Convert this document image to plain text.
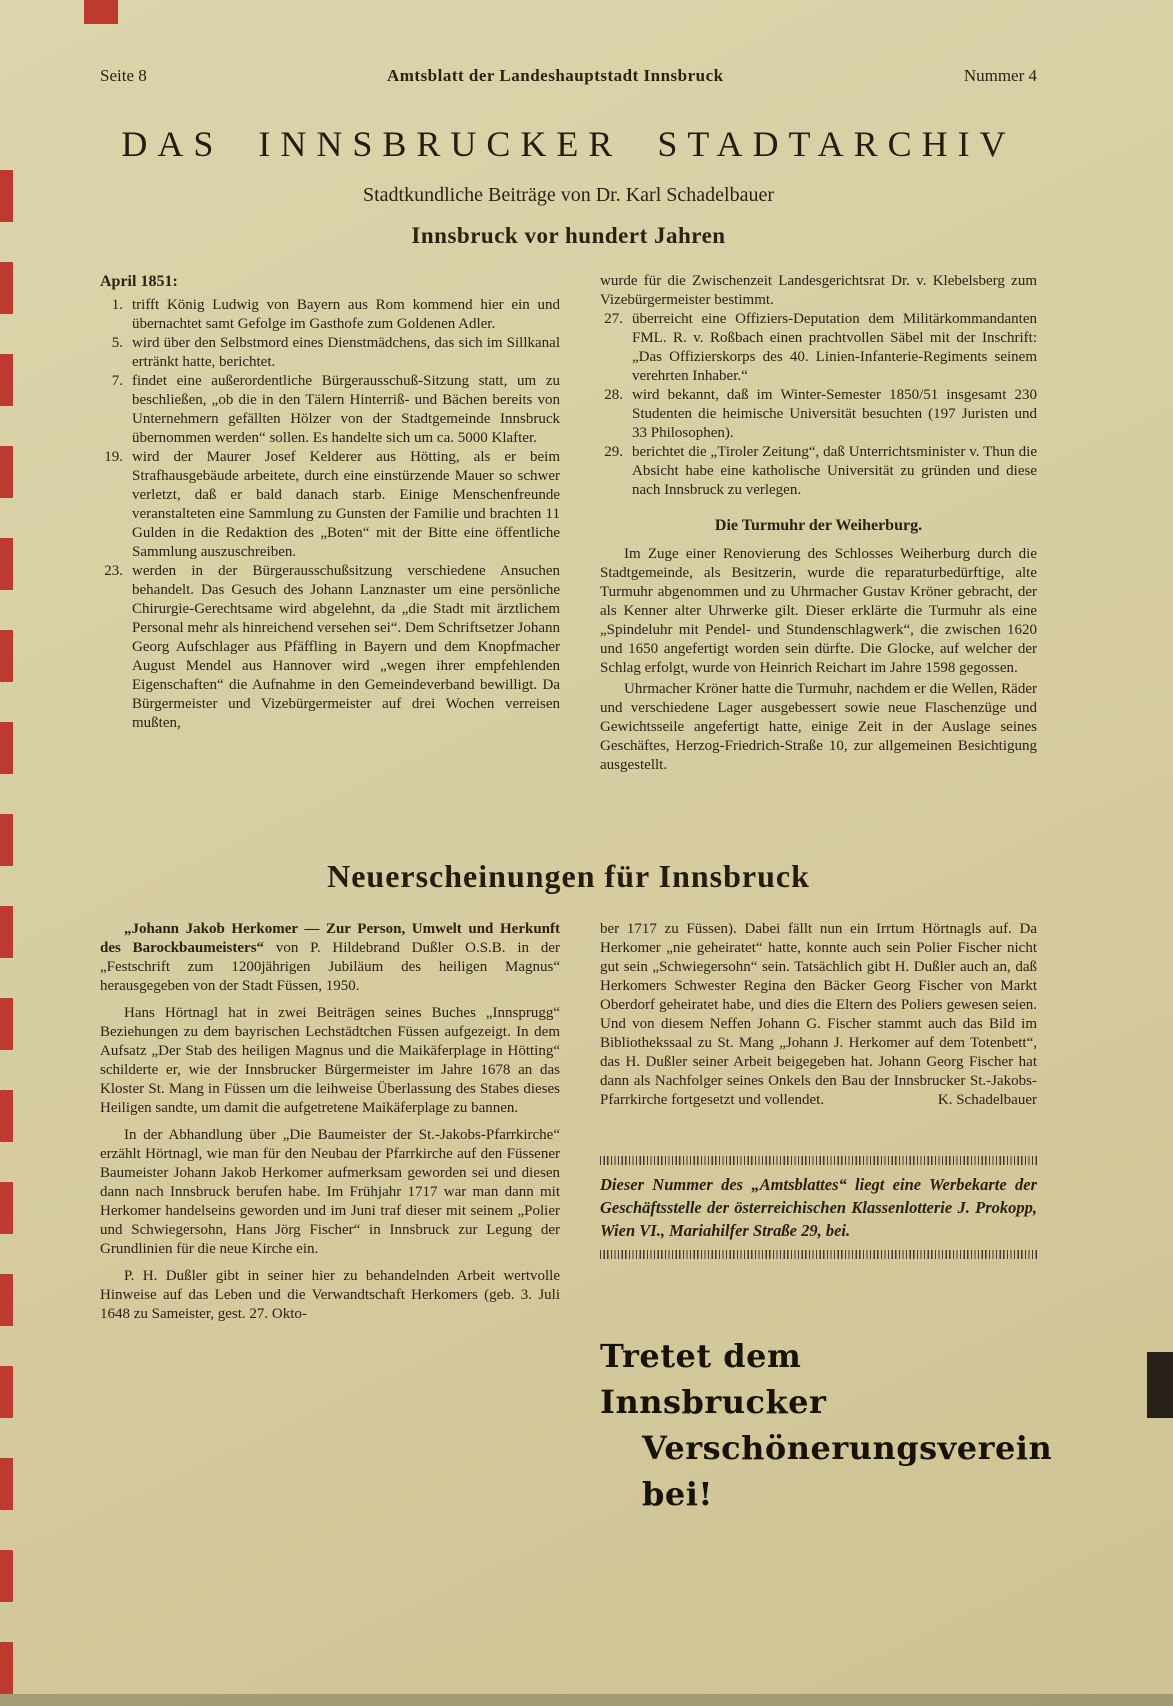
Seite 8	Amtsblatt der Landeshauptstadt Innsbruck	Nummer 4
DAS INNSBRUCKER STADTARCHIV
Stadtkundliche Beiträge von Dr. Karl Schadelbauer
Innsbruck vor hundert Jahren
April 1851:
1. trifft König Ludwig von Bayern aus Rom kommend hier ein und übernachtet samt Gefolge im Gasthofe zum Goldenen Adler.
5. wird über den Selbstmord eines Dienstmädchens, das sich im Sillkanal ertränkt hatte, berichtet.
7. findet eine außerordentliche Bürgerausschuß-Sitzung statt, um zu beschließen, „ob die in den Tälern Hinterriß- und Bächen bereits von Unternehmern gefällten Hölzer von der Stadtgemeinde Innsbruck übernommen werden“ sollen. Es handelte sich um ca. 5000 Klafter.
19. wird der Maurer Josef Kelderer aus Hötting, als er beim Strafhausgebäude arbeitete, durch eine einstürzende Mauer so schwer verletzt, daß er bald danach starb. Einige Menschenfreunde veranstalteten eine Sammlung zu Gunsten der Familie und brachten 11 Gulden in die Redaktion des „Boten“ mit der Bitte eine öffentliche Sammlung auszuschreiben.
23. werden in der Bürgerausschußsitzung verschiedene Ansuchen behandelt. Das Gesuch des Johann Lanznaster um eine persönliche Chirurgie-Gerechtsame wird abgelehnt, da „die Stadt mit ärztlichem Personal mehr als hinreichend versehen sei“. Dem Schriftsetzer Johann Georg Aufschlager aus Pfäffling in Bayern und dem Knopfmacher August Mendel aus Hannover wird „wegen ihrer empfehlenden Eigenschaften“ die Aufnahme in den Gemeindeverband bewilligt. Da Bürgermeister und Vizebürgermeister auf drei Wochen verreisen mußten,

wurde für die Zwischenzeit Landesgerichtsrat Dr. v. Klebelsberg zum Vizebürgermeister bestimmt.

27. überreicht eine Offiziers-Deputation dem Militärkommandanten FML. R. v. Roßbach einen prachtvollen Säbel mit der Inschrift: „Das Offizierskorps des 40. Linien-Infanterie-Regiments seinem verehrten Inhaber.“
28. wird bekannt, daß im Winter-Semester 1850/51 insgesamt 230 Studenten die heimische Universität besuchten (197 Juristen und 33 Philosophen).
29. berichtet die „Tiroler Zeitung“, daß Unterrichtsminister v. Thun die Absicht habe eine katholische Universität zu gründen und diese nach Innsbruck zu verlegen.
Die Turmuhr der Weiherburg.

Im Zuge einer Renovierung des Schlosses Weiherburg durch die Stadtgemeinde, als Besitzerin, wurde die reparaturbedürftige, alte Turmuhr abgenommen und zu Uhrmacher Gustav Kröner gebracht, der als Kenner alter Uhrwerke gilt. Dieser erklärte die Turmuhr als eine „Spindeluhr mit Pendel- und Stundenschlagwerk“, die zwischen 1620 und 1650 angefertigt worden sein dürfte. Die Glocke, auf welcher der Schlag erfolgt, wurde von Heinrich Reichart im Jahre 1598 gegossen.

Uhrmacher Kröner hatte die Turmuhr, nachdem er die Wellen, Räder und verschiedene Lager ausgebessert sowie neue Flaschenzüge und Gewichtsseile angefertigt hatte, einige Zeit in der Auslage seines Geschäftes, Herzog-Friedrich-Straße 10, zur allgemeinen Besichtigung ausgestellt.

Neuerscheinungen für Innsbruck

„Johann Jakob Herkomer — Zur Person, Umwelt und Herkunft des Barockbaumeisters“ von P. Hildebrand Dußler O.S.B. in der „Festschrift zum 1200jährigen Jubiläum des heiligen Magnus“ herausgegeben von der Stadt Füssen, 1950.

Hans Hörtnagl hat in zwei Beiträgen seines Buches „Innsprugg“ Beziehungen zu dem bayrischen Lechstädtchen Füssen aufgezeigt. In dem Aufsatz „Der Stab des heiligen Magnus und die Maikäferplage in Hötting“ schilderte er, wie der Innsbrucker Bürgermeister im Jahre 1678 an das Kloster St. Mang in Füssen um die leihweise Überlassung des Stabes dieses Heiligen sandte, um damit die aufgetretene Maikäferplage zu bannen.

In der Abhandlung über „Die Baumeister der St.-Jakobs-Pfarrkirche“ erzählt Hörtnagl, wie man für den Neubau der Pfarrkirche auf den Füssener Baumeister Johann Jakob Herkomer aufmerksam geworden sei und diesen dann nach Innsbruck berufen habe. Im Frühjahr 1717 war man dann mit Herkomer handelseins geworden und im Juni traf dieser mit seinem „Polier und Schwiegersohn, Hans Jörg Fischer“ in Innsbruck zur Legung der Grundlinien für die neue Kirche ein.

P. H. Dußler gibt in seiner hier zu behandelnden Arbeit wertvolle Hinweise auf das Leben und die Verwandtschaft Herkomers (geb. 3. Juli 1648 zu Sameister, gest. 27. Okto-

ber 1717 zu Füssen). Dabei fällt nun ein Irrtum Hörtnagls auf. Da Herkomer „nie geheiratet“ hatte, konnte auch sein Polier Fischer nicht gut sein „Schwiegersohn“ sein. Tatsächlich gibt H. Dußler auch an, daß Herkomers Schwester Regina den Bäcker Georg Fischer von Markt Oberdorf geheiratet habe, und dies die Eltern des Poliers gewesen seien. Und von diesem Neffen Johann G. Fischer stammt auch das Bild im Bibliothekssaal zu St. Mang „Johann J. Herkomer auf dem Totenbett“, das H. Dußler seiner Arbeit beigegeben hat. Johann Georg Fischer hat dann als Nachfolger seines Onkels den Bau der Innsbrucker St.-Jakobs-Pfarrkirche fortgesetzt und vollendet.	K. Schadelbauer

Dieser Nummer des „Amtsblattes“ liegt eine Werbekarte der Geschäftsstelle der österreichischen Klassenlotterie J. Prokopp, Wien VI., Mariahilfer Straße 29, bei.

Tretet dem Innsbrucker
Verschönerungsverein bei!
